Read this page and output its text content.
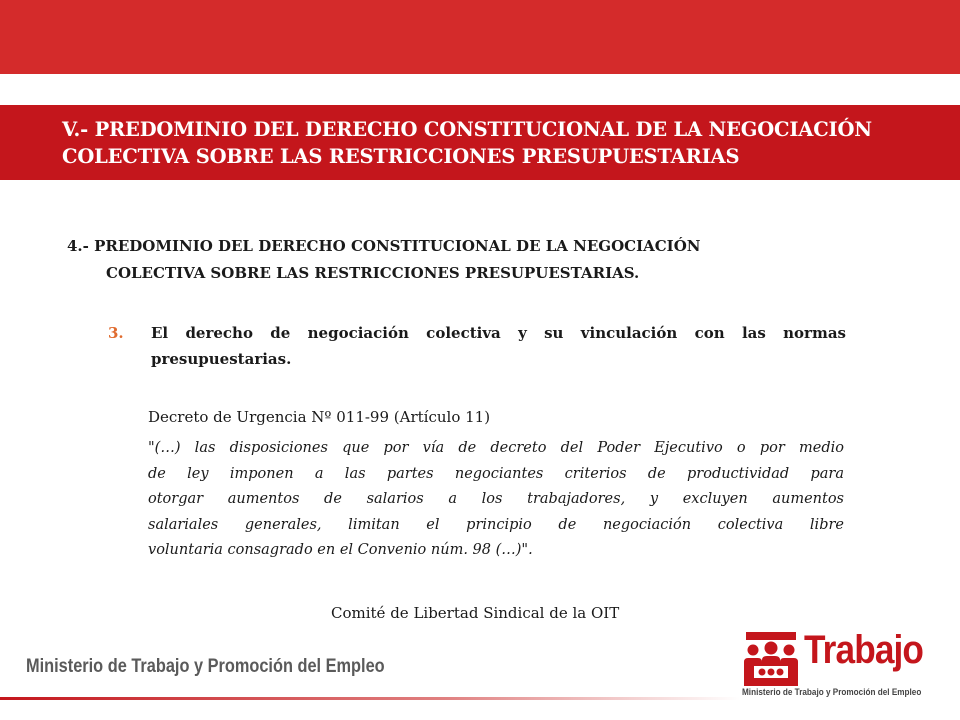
V.- PREDOMINIO DEL DERECHO CONSTITUCIONAL DE LA NEGOCIACIÓN
COLECTIVA SOBRE LAS RESTRICCIONES PRESUPUESTARIAS
4.- PREDOMINIO DEL DERECHO CONSTITUCIONAL DE LA NEGOCIACIÓN
COLECTIVA SOBRE LAS RESTRICCIONES PRESUPUESTARIAS.
3. El derecho de negociación colectiva y su vinculación con las normas
presupuestarias.
Decreto de Urgencia Nº 011-99 (Artículo 11)
"(…) las disposiciones que por vía de decreto del Poder Ejecutivo o por medio
de ley imponen a las partes negociantes criterios de productividad para
otorgar aumentos de salarios a los trabajadores, y excluyen aumentos
salariales generales, limitan el principio de negociación colectiva libre
voluntaria consagrado en el Convenio núm. 98 (…)".
Comité de Libertad Sindical de la OIT
Ministerio de Trabajo y Promoción del Empleo	Trabajo
Ministerio de Trabajo y Promoción del Empleo
